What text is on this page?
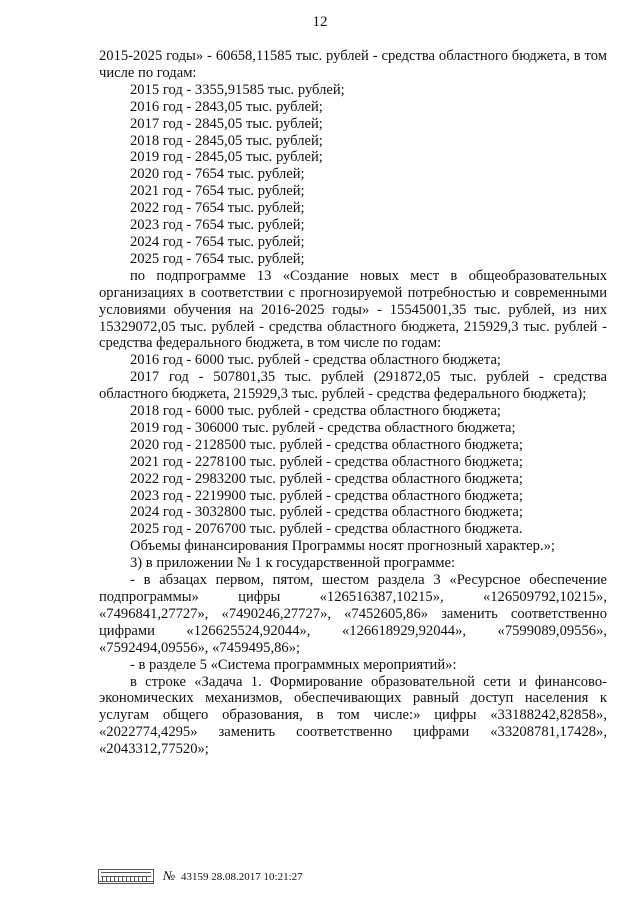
12

2015-2025 годы» - 60658,11585 тыс. рублей - средства областного бюджета, в том числе по годам:

2015 год - 3355,91585 тыс. рублей;

2016 год - 2843,05 тыс. рублей;

2017 год - 2845,05 тыс. рублей;

2018 год - 2845,05 тыс. рублей;

2019 год - 2845,05 тыс. рублей;

2020 год - 7654 тыс. рублей;

2021 год - 7654 тыс. рублей;

2022 год - 7654 тыс. рублей;

2023 год - 7654 тыс. рублей;

2024 год - 7654 тыс. рублей;

2025 год - 7654 тыс. рублей;

по подпрограмме 13 «Создание новых мест в общеобразовательных организациях в соответствии с прогнозируемой потребностью и современными условиями обучения на 2016-2025 годы» - 15545001,35 тыс. рублей, из них 15329072,05 тыс. рублей - средства областного бюджета, 215929,3 тыс. рублей - средства федерального бюджета, в том числе по годам:

2016 год - 6000 тыс. рублей - средства областного бюджета;

2017 год - 507801,35 тыс. рублей (291872,05 тыс. рублей - средства областного бюджета, 215929,3 тыс. рублей - средства федерального бюджета);

2018 год - 6000 тыс. рублей - средства областного бюджета;

2019 год - 306000 тыс. рублей - средства областного бюджета;

2020 год - 2128500 тыс. рублей - средства областного бюджета;

2021 год - 2278100 тыс. рублей - средства областного бюджета;

2022 год - 2983200 тыс. рублей - средства областного бюджета;

2023 год - 2219900 тыс. рублей - средства областного бюджета;

2024 год - 3032800 тыс. рублей - средства областного бюджета;

2025 год - 2076700 тыс. рублей - средства областного бюджета.

Объемы финансирования Программы носят прогнозный характер.»;

3) в приложении № 1 к государственной программе:

- в абзацах первом, пятом, шестом раздела 3 «Ресурсное обеспечение подпрограммы» цифры «126516387,10215», «126509792,10215», «7496841,27727», «7490246,27727», «7452605,86» заменить соответственно цифрами «126625524,92044», «126618929,92044», «7599089,09556», «7592494,09556», «7459495,86»;

- в разделе 5 «Система программных мероприятий»:

в строке «Задача 1. Формирование образовательной сети и финансово-экономических механизмов, обеспечивающих равный доступ населения к услугам общего образования, в том числе:» цифры «33188242,82858», «2022774,4295» заменить соответственно цифрами «33208781,17428», «2043312,77520»;

№ 43159 28.08.2017 10:21:27
